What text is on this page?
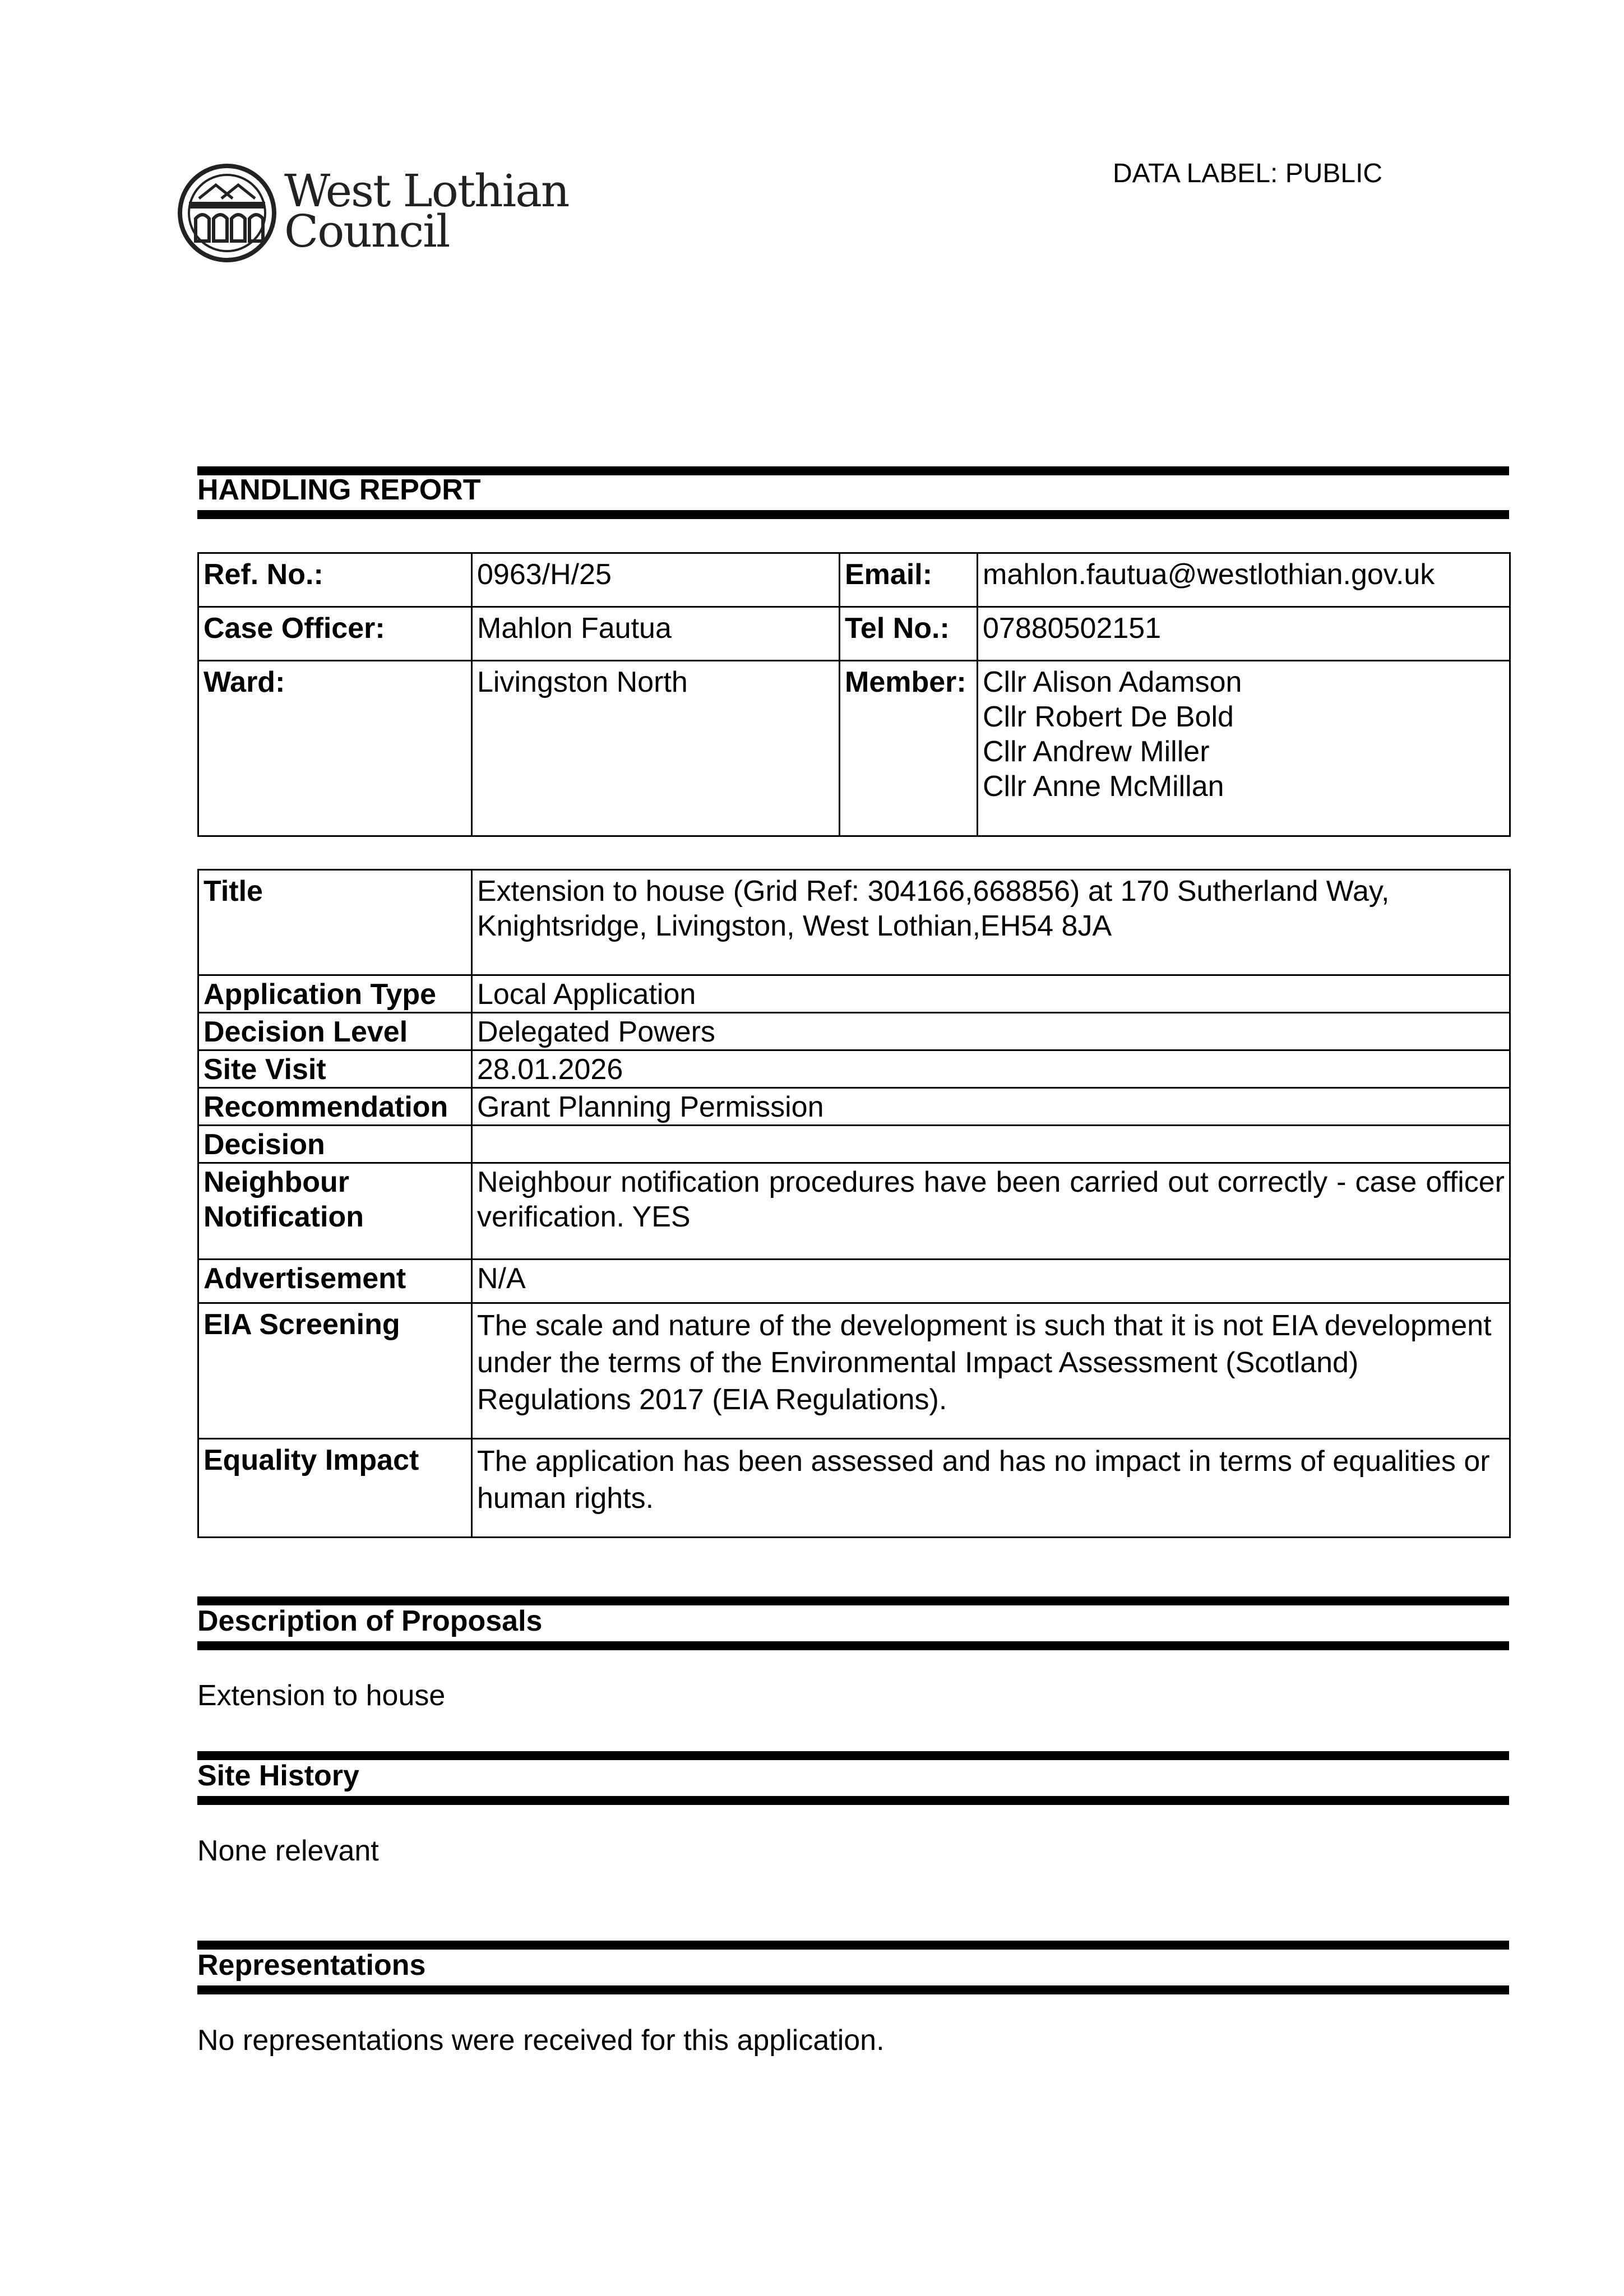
West Lothian
Council
DATA LABEL: PUBLIC
HANDLING REPORT
Ref. No.:	0963/H/25	Email:	mahlon.fautua@westlothian.gov.uk
Case Officer:	Mahlon Fautua	Tel No.:	07880502151
Ward:	Livingston North	Member:	Cllr Alison Adamson
Cllr Robert De Bold
Cllr Andrew Miller
Cllr Anne McMillan
Title	Extension to house (Grid Ref: 304166,668856) at 170 Sutherland Way, Knightsridge, Livingston, West Lothian,EH54 8JA
Application Type	Local Application
Decision Level	Delegated Powers
Site Visit	28.01.2026
Recommendation	Grant Planning Permission
Decision	

Neighbour
Notification	Neighbour notification procedures have been carried out correctly - case officer verification. YES
Advertisement	N/A
EIA Screening	The scale and nature of the development is such that it is not EIA development under the terms of the Environmental Impact Assessment (Scotland) Regulations 2017 (EIA Regulations).
Equality Impact	The application has been assessed and has no impact in terms of equalities or human rights.
Description of Proposals
Extension to house
Site History
None relevant
Representations
No representations were received for this application.
